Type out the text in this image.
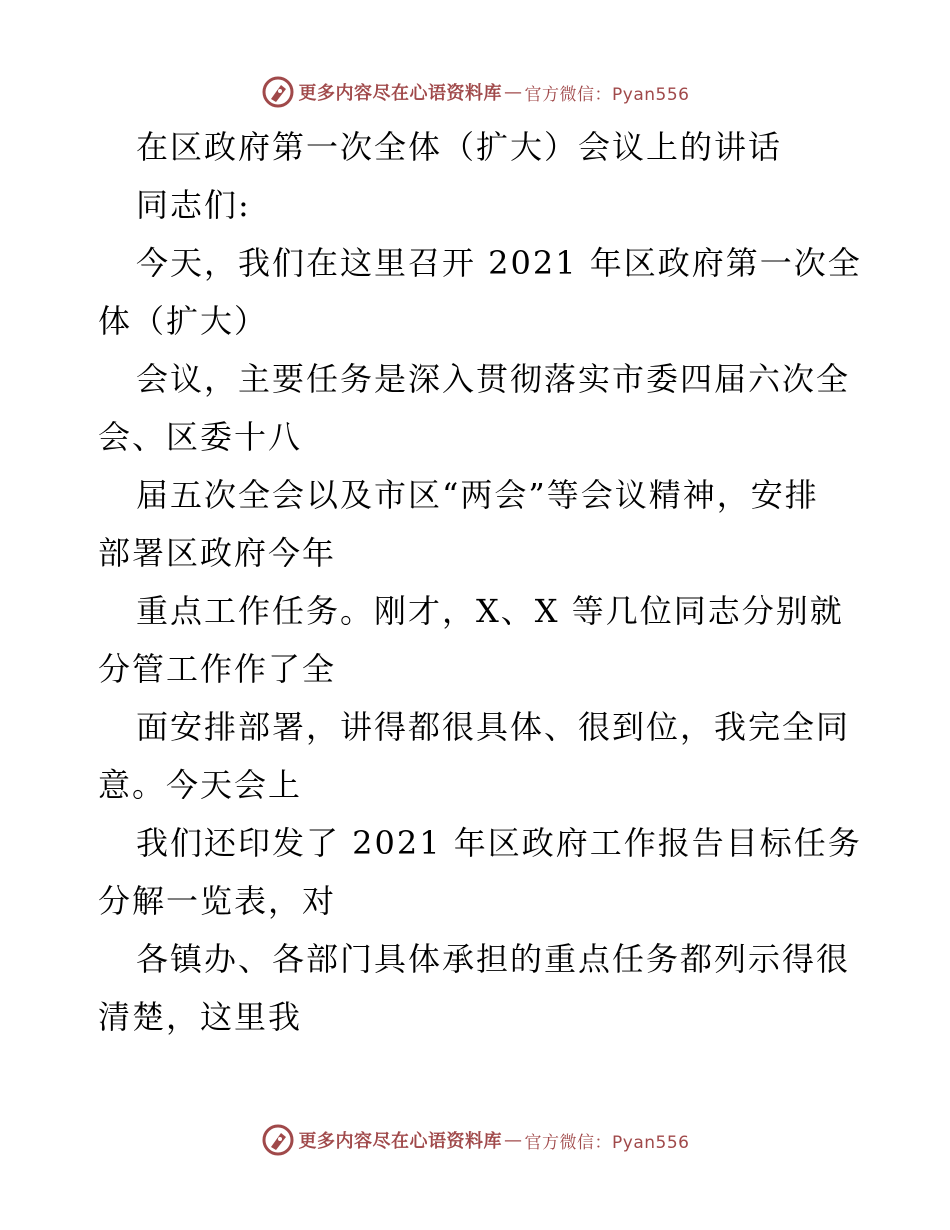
更多内容尽在心语资料库 — 官方微信：Pyan556
在区政府第一次全体（扩大）会议上的讲话
同志们:
今天，我们在这里召开 2021 年区政府第一次全
体（扩大）
会议，主要任务是深入贯彻落实市委四届六次全
会、区委十八
届五次全会以及市区“两会”等会议精神，安排
部署区政府今年
重点工作任务。刚才，X、X 等几位同志分别就
分管工作作了全
面安排部署，讲得都很具体、很到位，我完全同
意。今天会上
我们还印发了 2021 年区政府工作报告目标任务
分解一览表，对
各镇办、各部门具体承担的重点任务都列示得很
清楚，这里我
更多内容尽在心语资料库 — 官方微信：Pyan556
